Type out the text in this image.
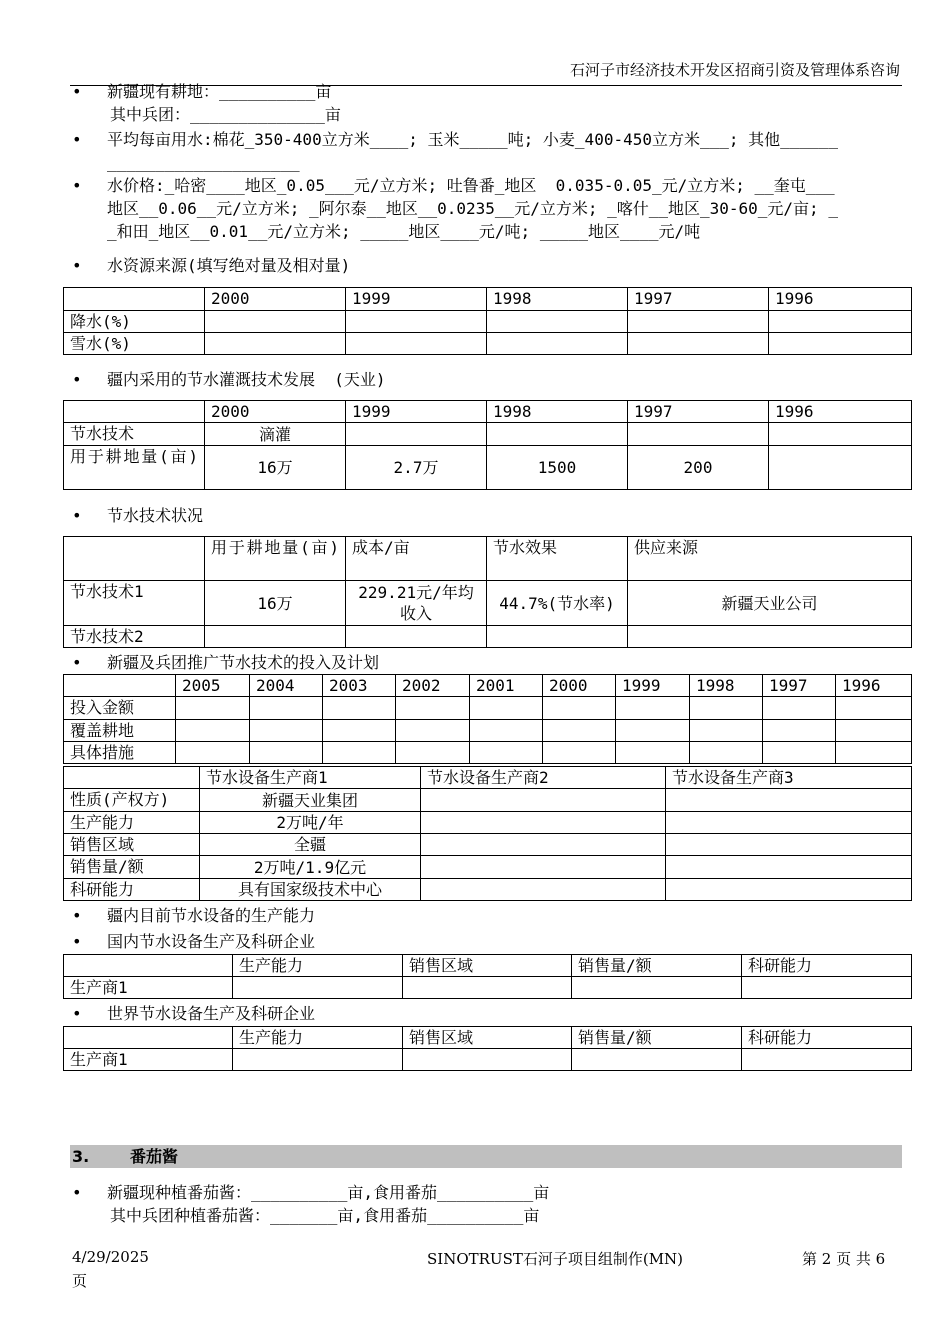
石河子市经济技术开发区招商引资及管理体系咨询
•	新疆现有耕地：__________亩
其中兵团：______________亩
•	平均每亩用水:棉花_350-400立方米____; 玉米_____吨; 小麦_400-450立方米___; 其他______
____________________
•	水价格:_哈密____地区_0.05___元/立方米; 吐鲁番_地区  0.035-0.05_元/立方米; __奎屯___
地区__0.06__元/立方米; _阿尔泰__地区__0.0235__元/立方米; _喀什__地区_30-60_元/亩; _
_和田_地区__0.01__元/立方米; _____地区____元/吨; _____地区____元/吨
•	水资源来源(填写绝对量及相对量)
	2000	1999	1998	1997	1996
降水(%)					
雪水(%)					
•	疆内采用的节水灌溉技术发展  (天业)
	2000	1999	1998	1997	1996
节水技术	滴灌				
用于耕地量(亩)	16万	2.7万	1500	200	
•	节水技术状况
	用于耕地量(亩)	成本/亩	节水效果	供应来源
节水技术1	16万	229.21元/年均收入	44.7%(节水率)	新疆天业公司
节水技术2				
•	新疆及兵团推广节水技术的投入及计划
	2005	2004	2003	2002	2001	2000	1999	1998	1997	1996
投入金额										
覆盖耕地										
具体措施										
	节水设备生产商1	节水设备生产商2	节水设备生产商3
性质(产权方)	新疆天业集团		
生产能力	2万吨/年		
销售区域	全疆		
销售量/额	2万吨/1.9亿元		
科研能力	具有国家级技术中心		
•	疆内目前节水设备的生产能力
•	国内节水设备生产及科研企业
	生产能力	销售区域	销售量/额	科研能力
生产商1				
•	世界节水设备生产及科研企业
	生产能力	销售区域	销售量/额	科研能力
生产商1				
3.	番茄酱
•	新疆现种植番茄酱：__________亩,食用番茄__________亩
其中兵团种植番茄酱：_______亩,食用番茄__________亩
4/29/2025
页
SINOTRUST石河子项目组制作(MN)	第 2 页 共 6
